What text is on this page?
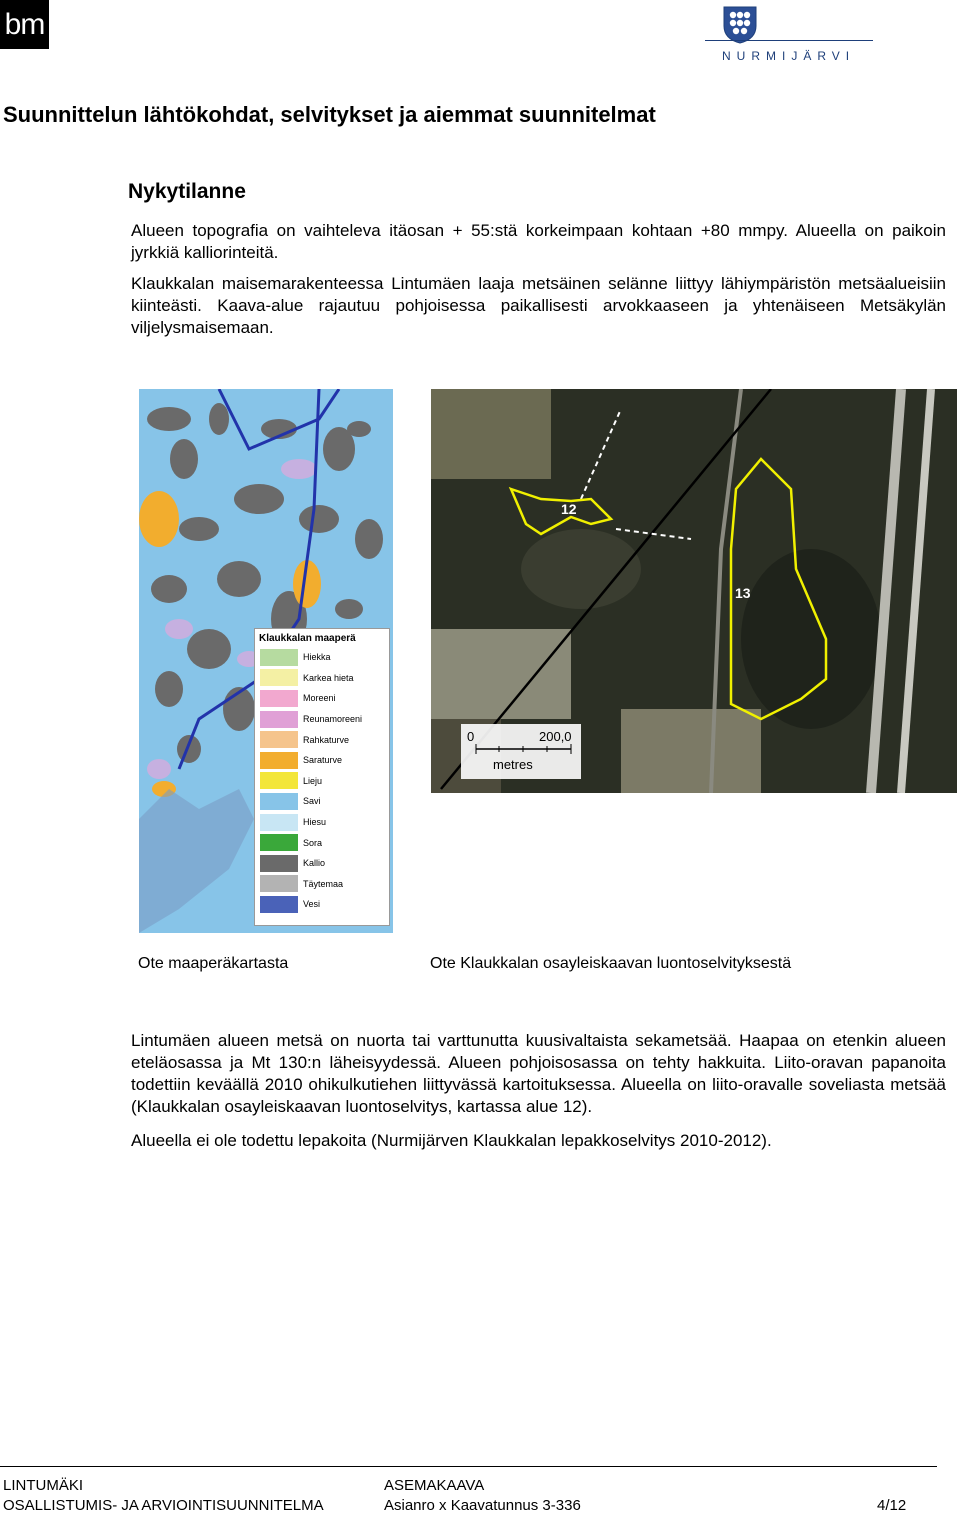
bm
NURMIJÄRVI
Suunnittelun lähtökohdat, selvitykset ja aiemmat suunnitelmat
Nykytilanne

Alueen topografia on vaihteleva itäosan + 55:stä korkeimpaan kohtaan +80 mmpy. Alueella on paikoin jyrkkiä kalliorinteitä.

Klaukkalan maisemarakenteessa Lintumäen laaja metsäinen selänne liittyy lähiympäristön metsäalueisiin kiinteästi. Kaava-alue rajautuu pohjoisessa paikallisesti arvokkaaseen ja yhtenäiseen Metsäkylän viljelysmaisemaan.

Klaukkalan maaperä
Hiekka
Karkea hieta
Moreeni
Reunamoreeni
Rahkaturve
Saraturve
Lieju
Savi
Hiesu
Sora
Kallio
Täytemaa
Vesi
12
13
0	200,0
metres
Ote maaperäkartasta	Ote Klaukkalan osayleiskaavan luontoselvityksestä

Lintumäen alueen metsä on nuorta tai varttunutta kuusivaltaista sekametsää. Haapaa on etenkin alueen eteläosassa ja Mt 130:n läheisyydessä. Alueen pohjoisosassa on tehty hakkuita. Liito-oravan papanoita todettiin keväällä 2010 ohikulkutiehen liittyvässä kartoituksessa. Alueella on liito-oravalle soveliasta metsää (Klaukkalan osayleiskaavan luontoselvitys, kartassa alue 12).

Alueella ei ole todettu lepakoita (Nurmijärven Klaukkalan lepakkoselvitys 2010-2012).

LINTUMÄKI
OSALLISTUMIS- JA ARVIOINTISUUNNITELMA
ASEMAKAAVA
Asianro x Kaavatunnus 3-336	4/12
